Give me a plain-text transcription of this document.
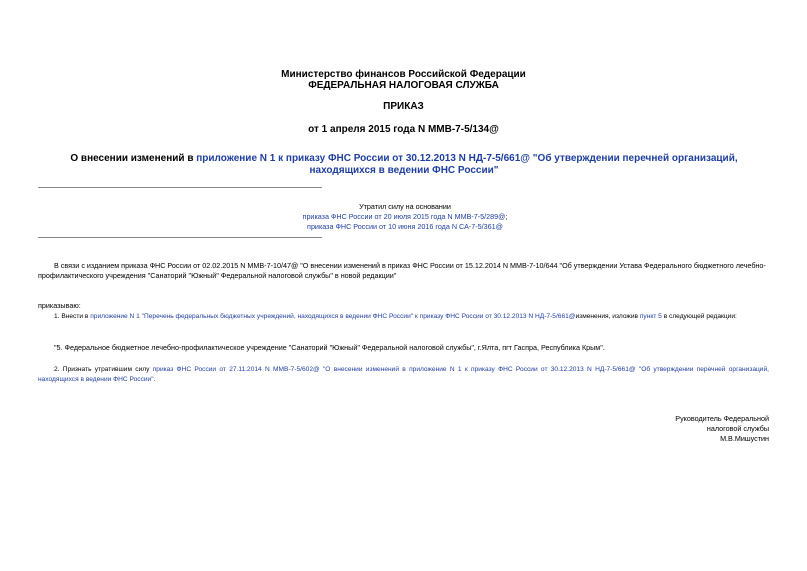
Министерство финансов Российской Федерации
ФЕДЕРАЛЬНАЯ НАЛОГОВАЯ СЛУЖБА
ПРИКАЗ
от 1 апреля 2015 года N ММВ-7-5/134@
О внесении изменений в приложение N 1 к приказу ФНС России от 30.12.2013 N НД-7-5/661@ "Об утверждении перечней организаций, находящихся в ведении ФНС России"
Утратил силу на основании
приказа ФНС России от 20 июля 2015 года N ММВ-7-5/289@;
приказа ФНС России от 10 июня 2016 года N СА-7-5/361@
В связи с изданием приказа ФНС России от 02.02.2015 N ММВ-7-10/47@ "О внесении изменений в приказ ФНС России от 15.12.2014 N ММВ-7-10/644 "Об утверждении Устава Федерального бюджетного лечебно-профилактического учреждения "Санаторий "Южный" Федеральной налоговой службы" в новой редакции"
приказываю:
1. Внести в приложение N 1 "Перечень федеральных бюджетных учреждений, находящихся в ведении ФНС России" к приказу ФНС России от 30.12.2013 N НД-7-5/661@изменения, изложив пункт 5 в следующей редакции:
"5. Федеральное бюджетное лечебно-профилактическое учреждение "Санаторий "Южный" Федеральной налоговой службы", г.Ялта, пгт Гаспра, Республика Крым".
2. Признать утратившим силу приказ ФНС России от 27.11.2014 N ММВ-7-5/602@ "О внесении изменений в приложение N 1 к приказу ФНС России от 30.12.2013 N НД-7-5/661@ "Об утверждении перечней организаций, находящихся в ведении ФНС России".
Руководитель Федеральной
налоговой службы
М.В.Мишустин
